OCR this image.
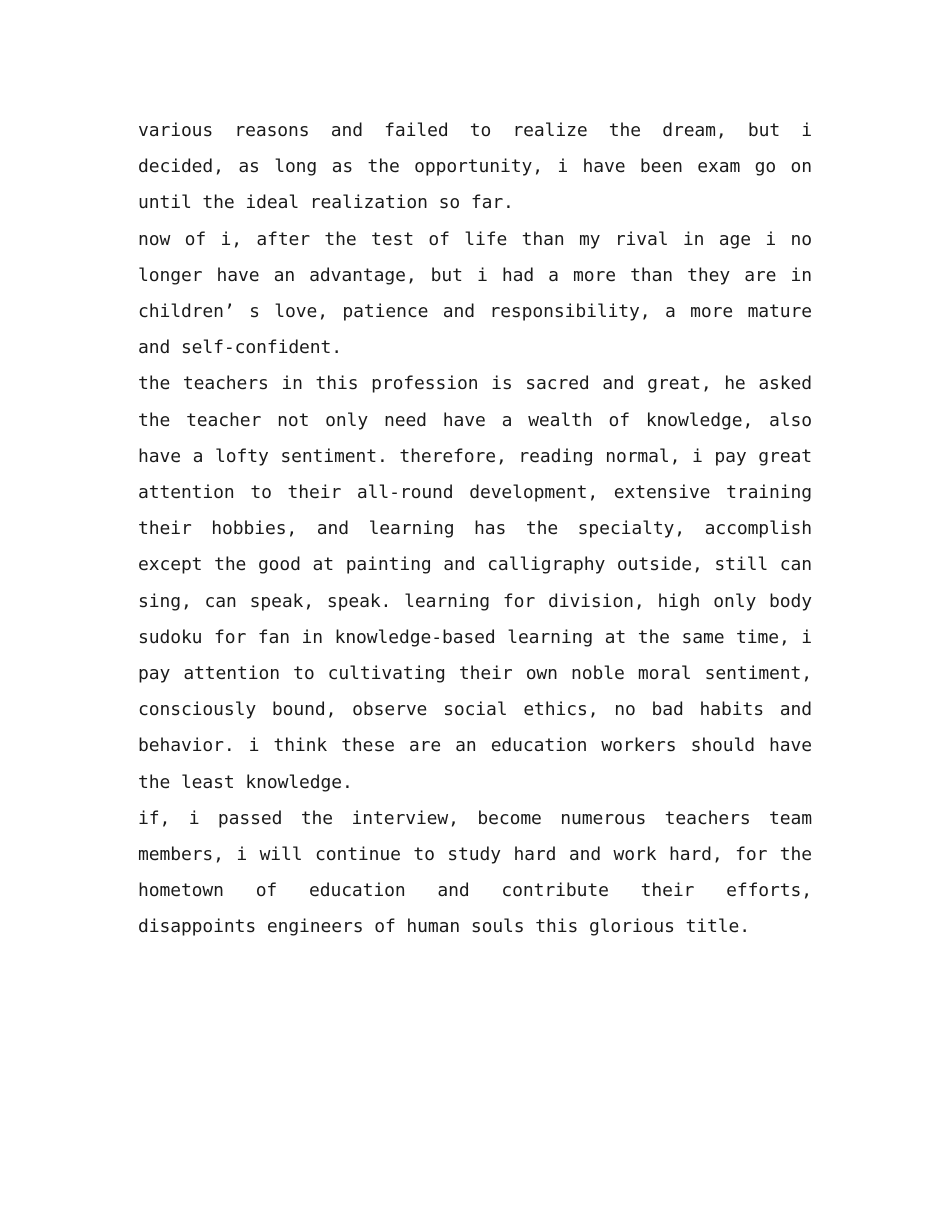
various reasons and failed to realize the dream, but i decided, as long as the opportunity, i have been exam go on until the ideal realization so far.

now of i, after the test of life than my rival in age i no longer have an advantage, but i had a more than they are in children’ s love, patience and responsibility, a more mature and self-confident.

the teachers in this profession is sacred and great, he asked the teacher not only need have a wealth of knowledge, also have a lofty sentiment. therefore, reading normal, i pay great attention to their all-round development, extensive training their hobbies, and learning has the specialty, accomplish except the good at painting and calligraphy outside, still can sing, can speak, speak. learning for division, high only body sudoku for fan in knowledge-based learning at the same time, i pay attention to cultivating their own noble moral sentiment, consciously bound, observe social ethics, no bad habits and behavior. i think these are an education workers should have the least knowledge.

if, i passed the interview, become numerous teachers team members, i will continue to study hard and work hard, for the hometown of education and contribute their efforts, disappoints engineers of human souls this glorious title.
